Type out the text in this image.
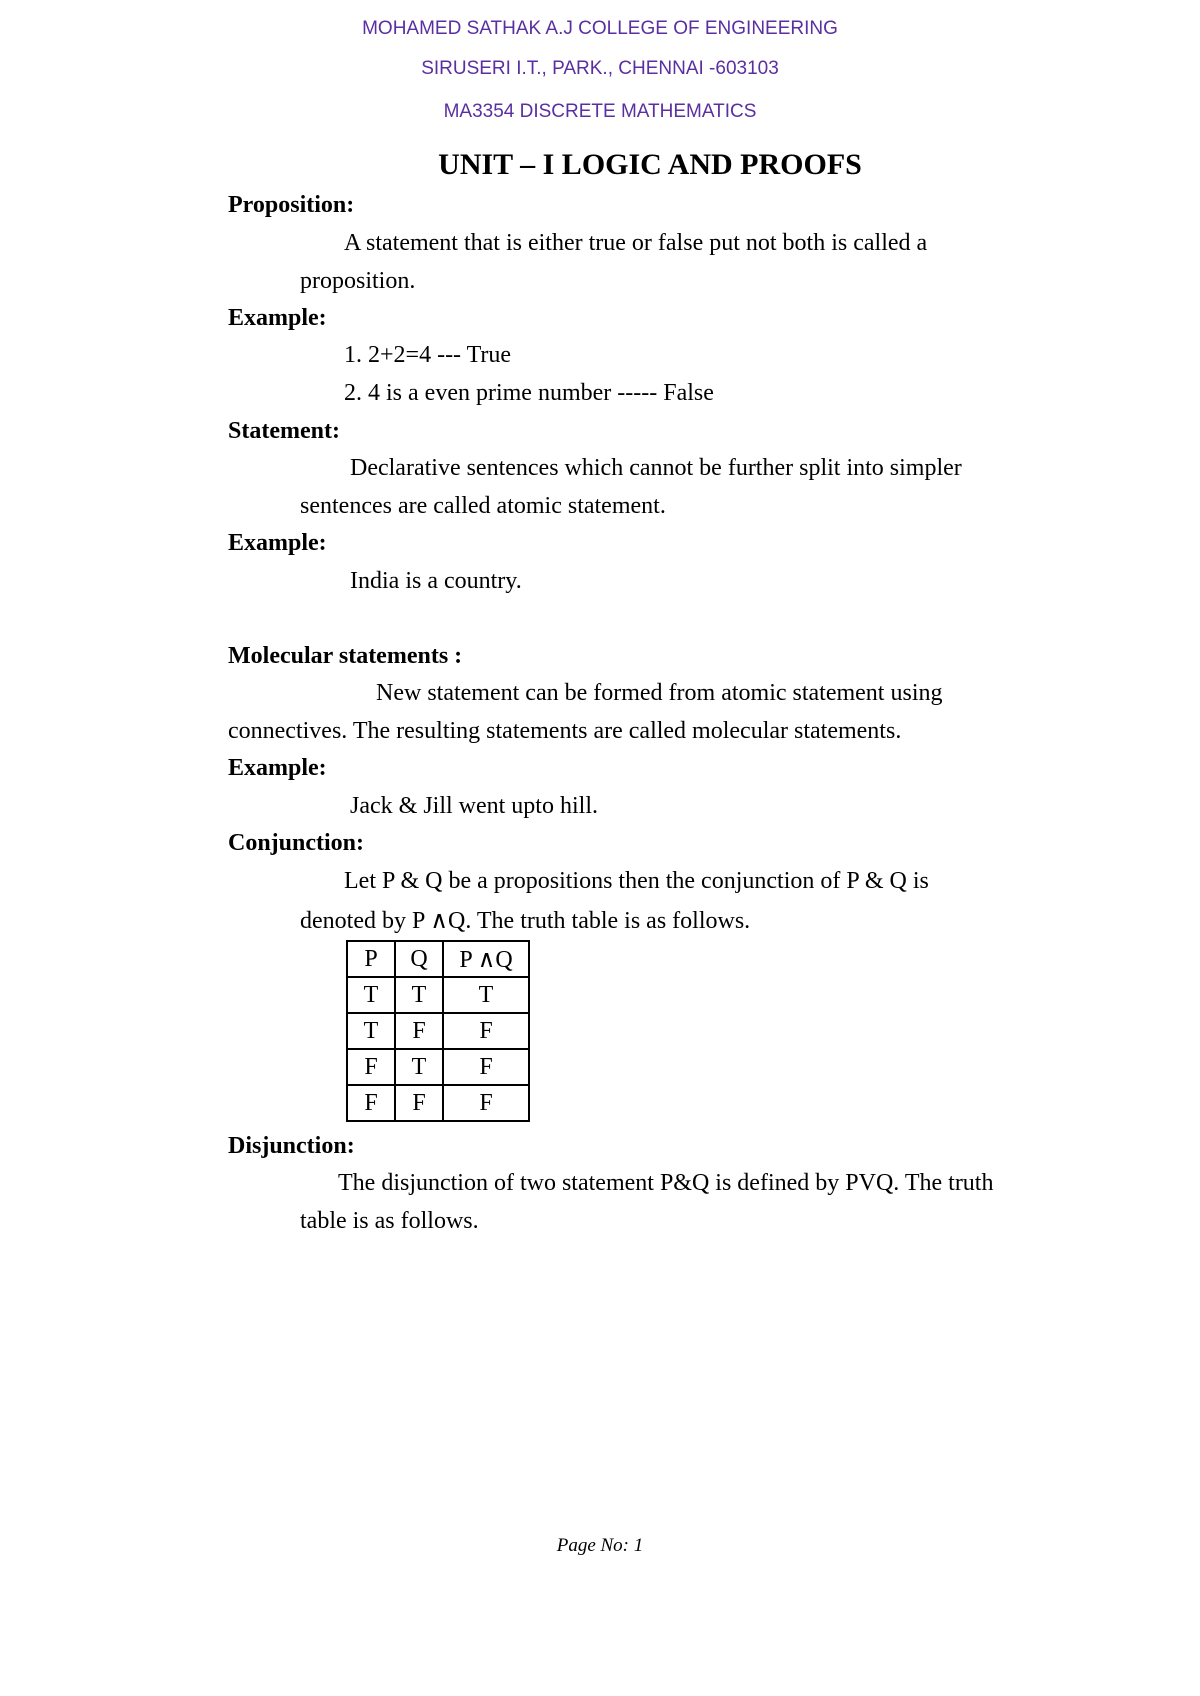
MOHAMED SATHAK A.J COLLEGE OF ENGINEERING
SIRUSERI I.T., PARK., CHENNAI -603103
MA3354 DISCRETE MATHEMATICS
UNIT – I LOGIC AND PROOFS
Proposition:
A statement that is either true or false put not both is called a
proposition.
Example:
1. 2+2=4 --- True
2. 4 is a even prime number ----- False
Statement:
Declarative sentences which cannot be further split into simpler
sentences are called atomic statement.
Example:
India is a country.
Molecular statements :
New statement can be formed from atomic statement using
connectives. The resulting statements are called molecular statements.
Example:
Jack & Jill went upto hill.
Conjunction:
Let P & Q be a propositions then the conjunction of P & Q is
denoted by P ∧Q. The truth table is as follows.
P	Q	P ∧Q
T	T	T
T	F	F
F	T	F
F	F	F
Disjunction:
The disjunction of two statement P&Q is defined by PVQ. The truth
table is as follows.
Page No: 1
